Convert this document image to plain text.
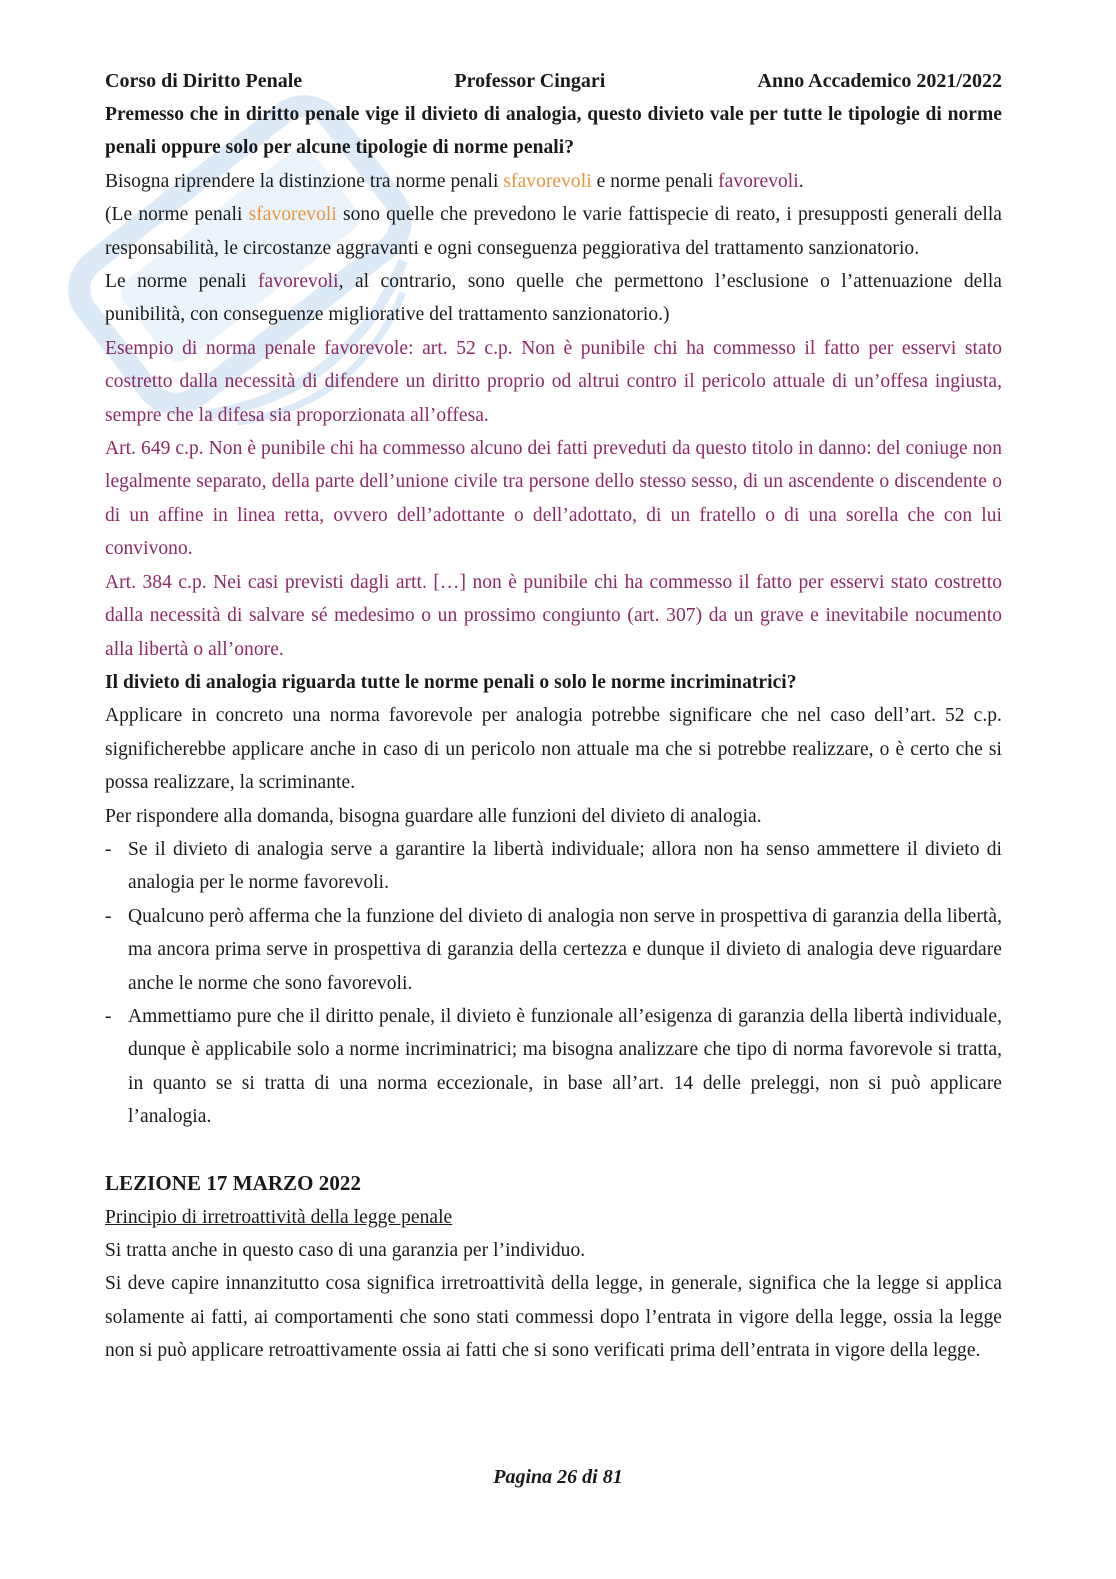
Corso di Diritto Penale	Professor Cingari	Anno Accademico 2021/2022

Premesso che in diritto penale vige il divieto di analogia, questo divieto vale per tutte le tipologie di norme penali oppure solo per alcune tipologie di norme penali?

Bisogna riprendere la distinzione tra norme penali sfavorevoli e norme penali favorevoli.

(Le norme penali sfavorevoli sono quelle che prevedono le varie fattispecie di reato, i presupposti generali della responsabilità, le circostanze aggravanti e ogni conseguenza peggiorativa del trattamento sanzionatorio.

Le norme penali favorevoli, al contrario, sono quelle che permettono l’esclusione o l’attenuazione della punibilità, con conseguenze migliorative del trattamento sanzionatorio.)

Esempio di norma penale favorevole: art. 52 c.p. Non è punibile chi ha commesso il fatto per esservi stato costretto dalla necessità di difendere un diritto proprio od altrui contro il pericolo attuale di un’offesa ingiusta, sempre che la difesa sia proporzionata all’offesa.

Art. 649 c.p. Non è punibile chi ha commesso alcuno dei fatti preveduti da questo titolo in danno: del coniuge non legalmente separato, della parte dell’unione civile tra persone dello stesso sesso, di un ascendente o discendente o di un affine in linea retta, ovvero dell’adottante o dell’adottato, di un fratello o di una sorella che con lui convivono.

Art. 384 c.p. Nei casi previsti dagli artt. […] non è punibile chi ha commesso il fatto per esservi stato costretto dalla necessità di salvare sé medesimo o un prossimo congiunto (art. 307) da un grave e inevitabile nocumento alla libertà o all’onore.

Il divieto di analogia riguarda tutte le norme penali o solo le norme incriminatrici?

Applicare in concreto una norma favorevole per analogia potrebbe significare che nel caso dell’art. 52 c.p. significherebbe applicare anche in caso di un pericolo non attuale ma che si potrebbe realizzare, o è certo che si possa realizzare, la scriminante.

Per rispondere alla domanda, bisogna guardare alle funzioni del divieto di analogia.

- Se il divieto di analogia serve a garantire la libertà individuale; allora non ha senso ammettere il divieto di analogia per le norme favorevoli.
- Qualcuno però afferma che la funzione del divieto di analogia non serve in prospettiva di garanzia della libertà, ma ancora prima serve in prospettiva di garanzia della certezza e dunque il divieto di analogia deve riguardare anche le norme che sono favorevoli.
- Ammettiamo pure che il diritto penale, il divieto è funzionale all’esigenza di garanzia della libertà individuale, dunque è applicabile solo a norme incriminatrici; ma bisogna analizzare che tipo di norma favorevole si tratta, in quanto se si tratta di una norma eccezionale, in base all’art. 14 delle preleggi, non si può applicare l’analogia.
LEZIONE 17 MARZO 2022

Principio di irretroattività della legge penale

Si tratta anche in questo caso di una garanzia per l’individuo.

Si deve capire innanzitutto cosa significa irretroattività della legge, in generale, significa che la legge si applica solamente ai fatti, ai comportamenti che sono stati commessi dopo l’entrata in vigore della legge, ossia la legge non si può applicare retroattivamente ossia ai fatti che si sono verificati prima dell’entrata in vigore della legge.

Pagina 26 di 81
